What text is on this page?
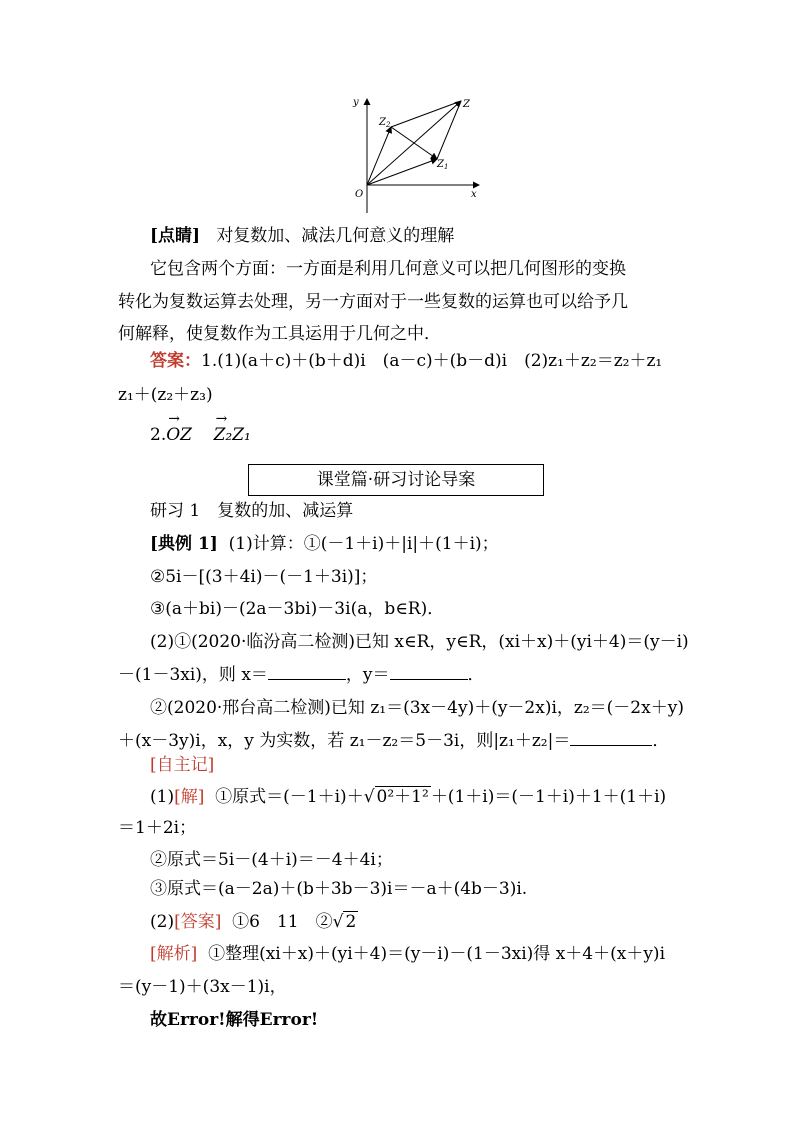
y
x
O
Z
$Z_2$
$Z_1$
[点睛] 对复数加、减法几何意义的理解
它包含两个方面：一方面是利用几何意义可以把几何图形的变换
转化为复数运算去处理，另一方面对于一些复数的运算也可以给予几
何解释，使复数作为工具运用于几何之中．
答案：1.(1)(a＋c)＋(b＋d)i　(a－c)＋(b－d)i　(2)z₁＋z₂＝z₂＋z₁
z₁＋(z₂＋z₃)
2.→ OZ    → Z₂Z₁
课堂篇·研习讨论导案
研习 1　复数的加、减运算
[典例 1] (1)计算：①(－1＋i)＋|i|＋(1＋i)；
②5i－[(3＋4i)－(－1＋3i)]；
③(a＋bi)－(2a－3bi)－3i(a，b∈R)．
(2)①(2020·临汾高二检测)已知 x∈R，y∈R，(xi＋x)＋(yi＋4)＝(y－i)
－(1－3xi)，则 x＝	，y＝	．
②(2020·邢台高二检测)已知 z₁＝(3x－4y)＋(y－2x)i，z₂＝(－2x＋y)
＋(x－3y)i，x，y 为实数，若 z₁－z₂＝5－3i，则|z₁＋z₂|＝	．
[自主记]
(1)[解] ①原式＝(－1＋i)＋√ 0²＋1² ＋(1＋i)＝(－1＋i)＋1＋(1＋i)
＝1＋2i；
②原式＝5i－(4＋i)＝－4＋4i；
③原式＝(a－2a)＋(b＋3b－3)i＝－a＋(4b－3)i.
(2)[答案] ①6　11　②√ 2
[解析] ①整理(xi＋x)＋(yi＋4)＝(y－i)－(1－3xi)得 x＋4＋(x＋y)i
＝(y－1)＋(3x－1)i，
故Error!解得Error!
